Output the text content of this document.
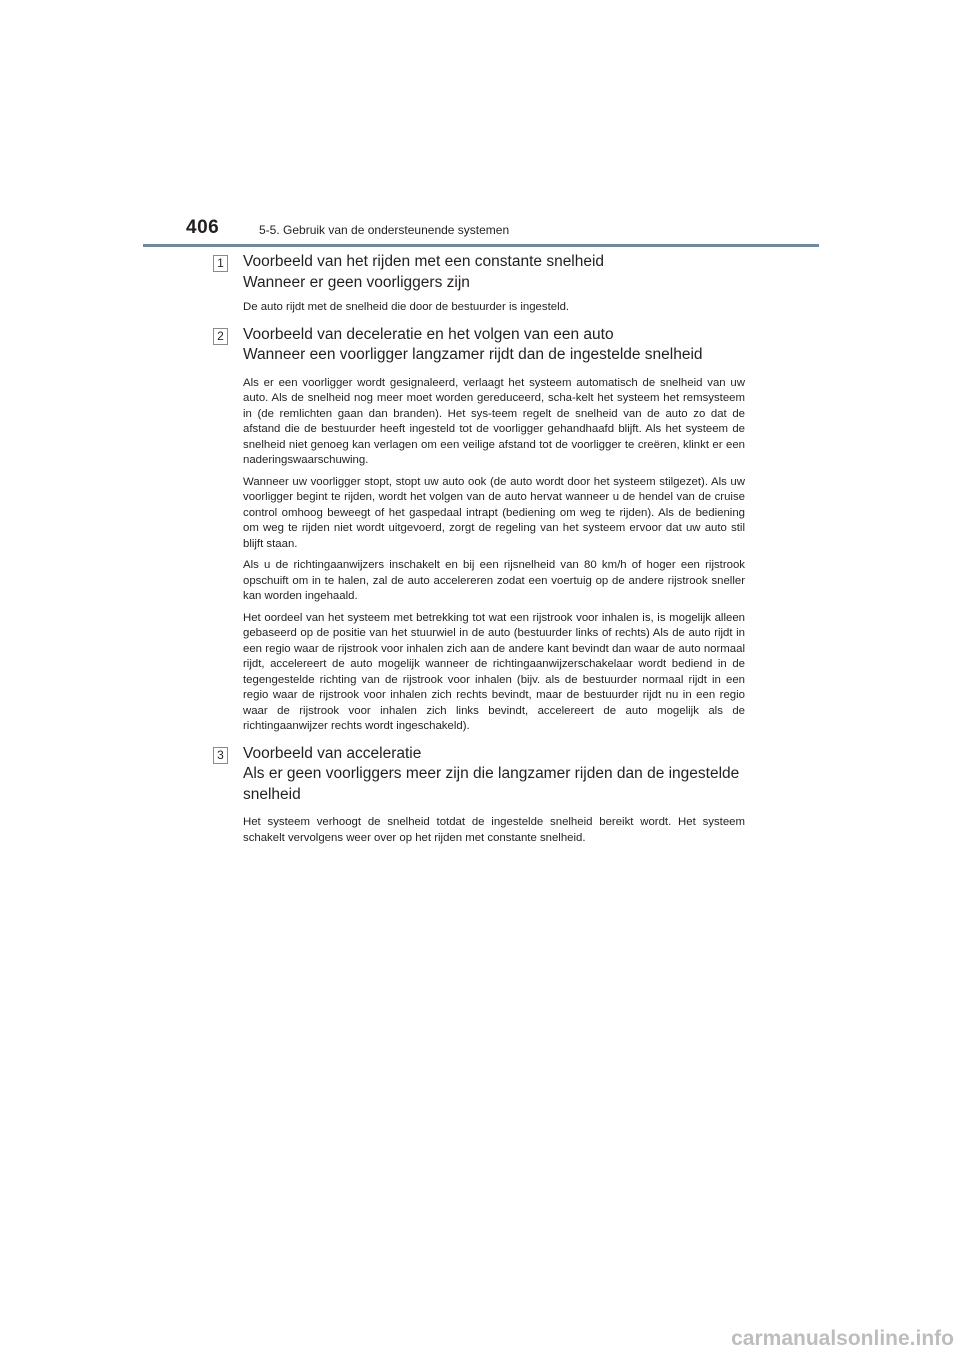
406	5-5. Gebruik van de ondersteunende systemen
1 Voorbeeld van het rijden met een constante snelheid
Wanneer er geen voorliggers zijn

De auto rijdt met de snelheid die door de bestuurder is ingesteld.

2 Voorbeeld van deceleratie en het volgen van een auto
Wanneer een voorligger langzamer rijdt dan de ingestelde snelheid

Als er een voorligger wordt gesignaleerd, verlaagt het systeem automatisch de snelheid van uw auto. Als de snelheid nog meer moet worden gereduceerd, scha-kelt het systeem het remsysteem in (de remlichten gaan dan branden). Het sys-teem regelt de snelheid van de auto zo dat de afstand die de bestuurder heeft ingesteld tot de voorligger gehandhaafd blijft. Als het systeem de snelheid niet genoeg kan verlagen om een veilige afstand tot de voorligger te creëren, klinkt er een naderingswaarschuwing.

Wanneer uw voorligger stopt, stopt uw auto ook (de auto wordt door het systeem stilgezet). Als uw voorligger begint te rijden, wordt het volgen van de auto hervat wanneer u de hendel van de cruise control omhoog beweegt of het gaspedaal intrapt (bediening om weg te rijden). Als de bediening om weg te rijden niet wordt uitgevoerd, zorgt de regeling van het systeem ervoor dat uw auto stil blijft staan.

Als u de richtingaanwijzers inschakelt en bij een rijsnelheid van 80 km/h of hoger een rijstrook opschuift om in te halen, zal de auto accelereren zodat een voertuig op de andere rijstrook sneller kan worden ingehaald.

Het oordeel van het systeem met betrekking tot wat een rijstrook voor inhalen is, is mogelijk alleen gebaseerd op de positie van het stuurwiel in de auto (bestuurder links of rechts) Als de auto rijdt in een regio waar de rijstrook voor inhalen zich aan de andere kant bevindt dan waar de auto normaal rijdt, accelereert de auto mogelijk wanneer de richtingaanwijzerschakelaar wordt bediend in de tegengestelde richting van de rijstrook voor inhalen (bijv. als de bestuurder normaal rijdt in een regio waar de rijstrook voor inhalen zich rechts bevindt, maar de bestuurder rijdt nu in een regio waar de rijstrook voor inhalen zich links bevindt, accelereert de auto mogelijk als de richtingaanwijzer rechts wordt ingeschakeld).

3 Voorbeeld van acceleratie
Als er geen voorliggers meer zijn die langzamer rijden dan de ingestelde snelheid

Het systeem verhoogt de snelheid totdat de ingestelde snelheid bereikt wordt. Het systeem schakelt vervolgens weer over op het rijden met constante snelheid.

carmanualsonline.info
